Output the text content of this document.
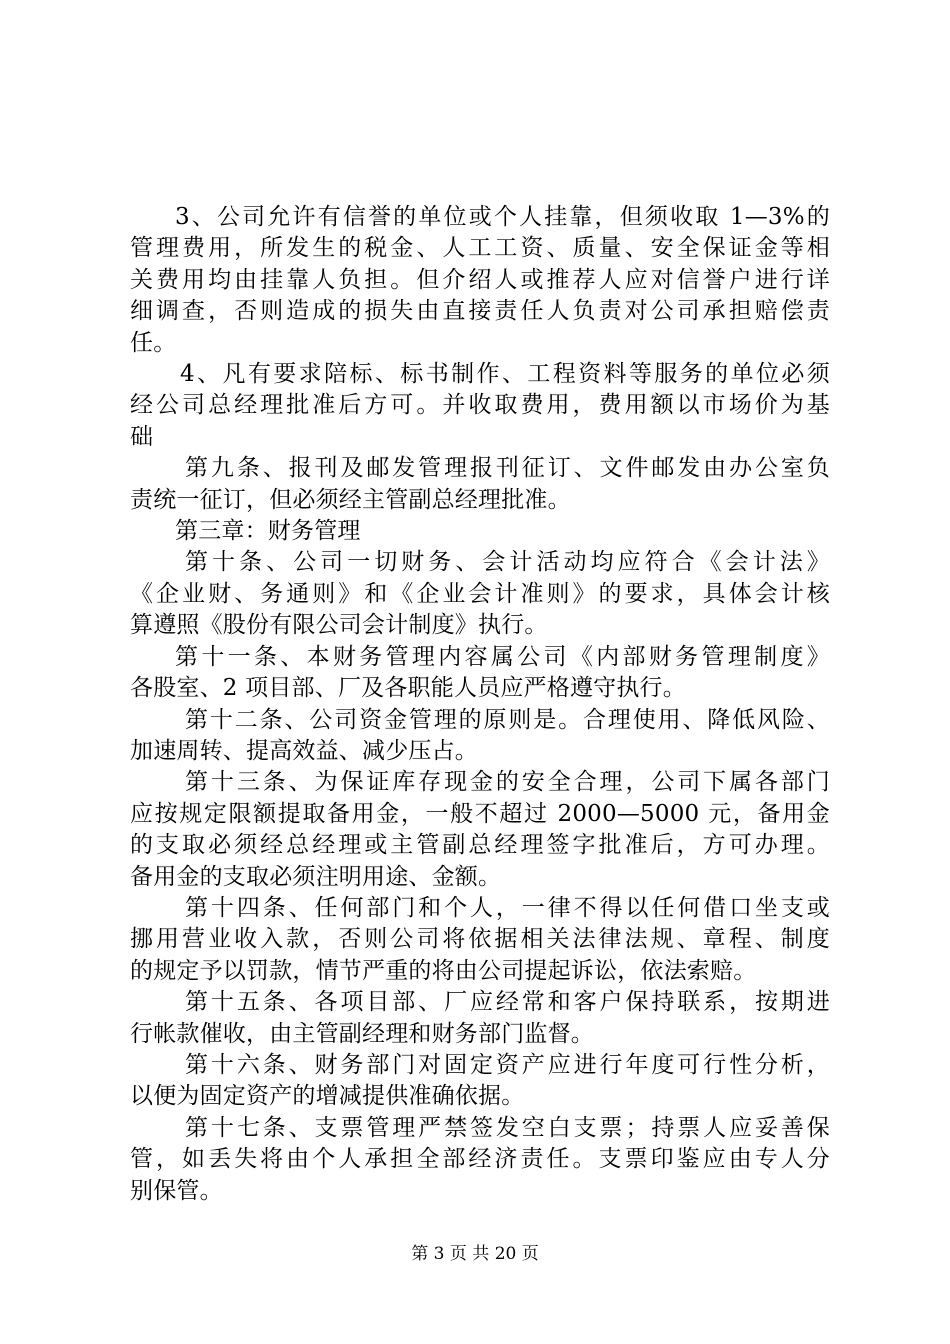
3、公司允许有信誉的单位或个人挂靠，但须收取 1—3%的
管理费用，所发生的税金、人工工资、质量、安全保证金等相
关费用均由挂靠人负担。但介绍人或推荐人应对信誉户进行详
细调查，否则造成的损失由直接责任人负责对公司承担赔偿责
任。
4、凡有要求陪标、标书制作、工程资料等服务的单位必须
经公司总经理批准后方可。并收取费用，费用额以市场价为基
础
第九条、报刊及邮发管理报刊征订、文件邮发由办公室负
责统一征订，但必须经主管副总经理批准。
第三章：财务管理
第十条、公司一切财务、会计活动均应符合《会计法》
《企业财、务通则》和《企业会计准则》的要求，具体会计核
算遵照《股份有限公司会计制度》执行。
第十一条、本财务管理内容属公司《内部财务管理制度》
各股室、2 项目部、厂及各职能人员应严格遵守执行。
第十二条、公司资金管理的原则是。合理使用、降低风险、
加速周转、提高效益、减少压占。
第十三条、为保证库存现金的安全合理，公司下属各部门
应按规定限额提取备用金，一般不超过 2000—5000 元，备用金
的支取必须经总经理或主管副总经理签字批准后，方可办理。
备用金的支取必须注明用途、金额。
第十四条、任何部门和个人，一律不得以任何借口坐支或
挪用营业收入款，否则公司将依据相关法律法规、章程、制度
的规定予以罚款，情节严重的将由公司提起诉讼，依法索赔。
第十五条、各项目部、厂应经常和客户保持联系，按期进
行帐款催收，由主管副经理和财务部门监督。
第十六条、财务部门对固定资产应进行年度可行性分析，
以便为固定资产的增减提供准确依据。
第十七条、支票管理严禁签发空白支票；持票人应妥善保
管，如丢失将由个人承担全部经济责任。支票印鉴应由专人分
别保管。
第 3 页 共 20 页
